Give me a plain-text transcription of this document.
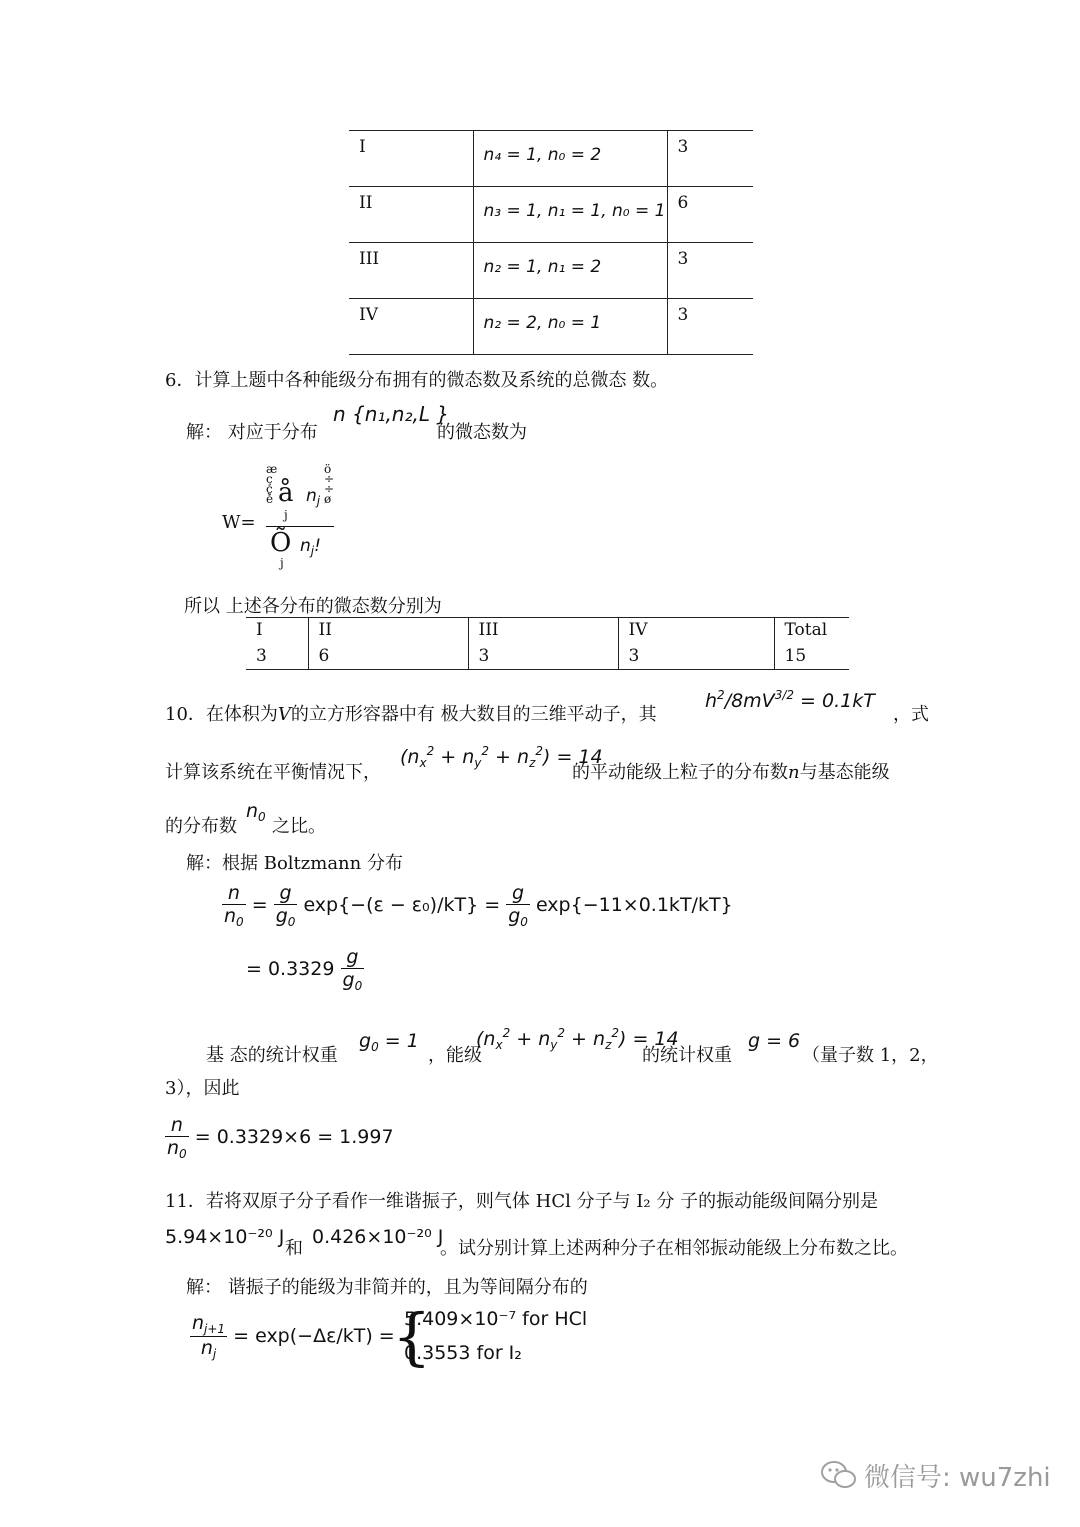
I	n₄ = 1, n₀ = 2	3
II	n₃ = 1, n₁ = 1, n₀ = 1	6
III	n₂ = 1, n₁ = 2	3
IV	n₂ = 2, n₀ = 1	3
6．计算上题中各种能级分布拥有的微态数及系统的总微态 数。
解： 对应于分布
n {n₁,n₂,L }
的微态数为
W=
æ
ç
ç
è å
j
$n_j$
ö
÷
÷
ø
Õ
j
$n_j$!
所以 上述各分布的微态数分别为
I	II	III	IV	Total
3	6	3	3	15
10．在体积为V的立方形容器中有 极大数目的三维平动子，其
$h^2/8mV^{3/2} = 0.1kT$
，式
计算该系统在平衡情况下，
$(n_x^2 + n_y^2 + n_z^2) = 14$
的平动能级上粒子的分布数n与基态能级
的分布数
$n_0$ 之比。
解：根据 Boltzmann 分布
$\frac{n}{n_0} = \frac{g}{g_0} \exp\{-(\varepsilon - \varepsilon_0)/kT\} = \frac{g}{g_0} \exp\{-11\times 0.1kT/kT\}$
= $0.3329 \frac{g}{g_0}$
基 态的统计权重
$g_0 = 1$
，能级
$(n_x^2 + n_y^2 + n_z^2) = 14$
的统计权重
g = 6
（量子数 1，2，
3），因此
$\frac{n}{n_0} = 0.3329\times 6 = 1.997$
11．若将双原子分子看作一维谐振子，则气体 HCl 分子与 I₂ 分 子的振动能级间隔分别是
5.94×10⁻²⁰ J
和
0.426×10⁻²⁰ J
。试分别计算上述两种分子在相邻振动能级上分布数之比。
解： 谐振子的能级为非简并的，且为等间隔分布的
$\frac{n_{j+1}}{n_j} = \exp(-\Delta\varepsilon/kT)$ =
{
5.409×10⁻⁷ for HCl
0.3553 for I₂
微信号: wu7zhi
